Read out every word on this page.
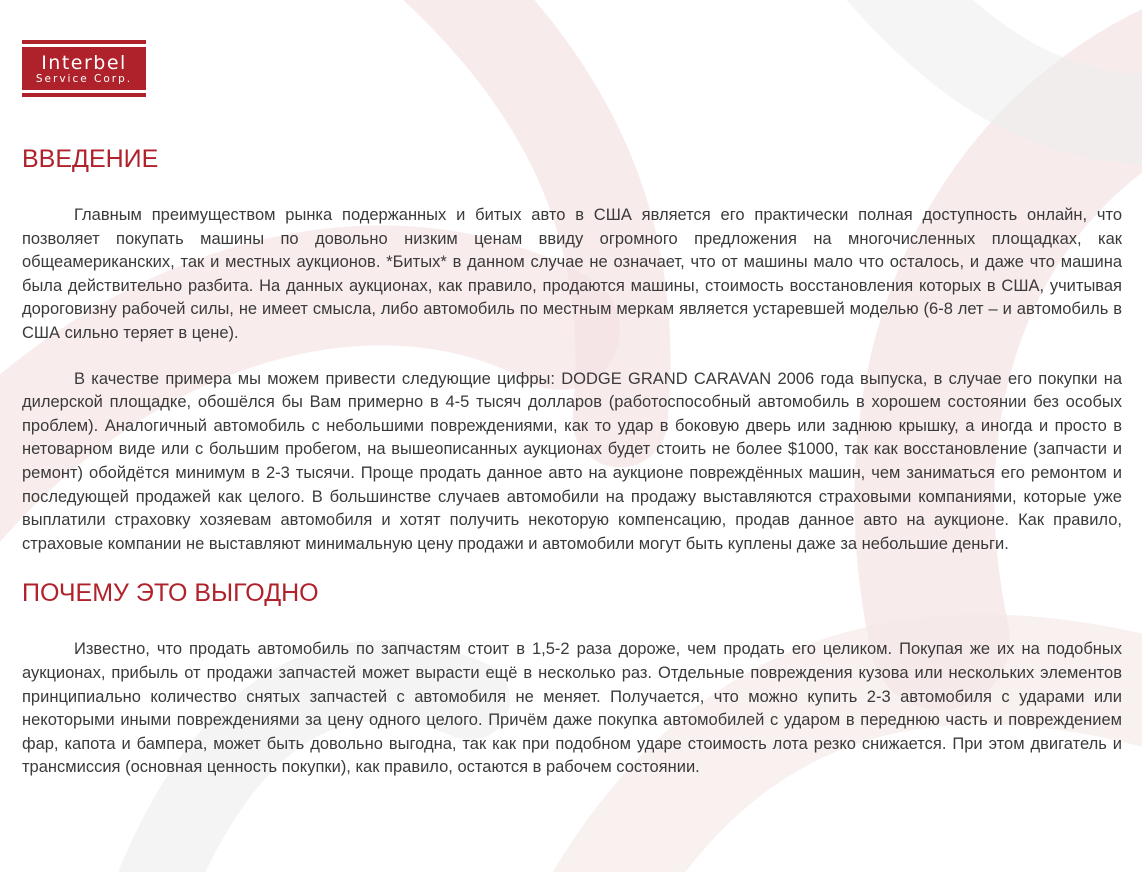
Interbel
Service Corp.
ВВЕДЕНИЕ

Главным преимуществом рынка подержанных и битых авто в США является его практически полная доступность онлайн, что позволяет покупать машины по довольно низким ценам ввиду огромного предложения на многочисленных площадках, как общеамериканских, так и местных аукционов. *Битых* в данном случае не означает, что от машины мало что осталось, и даже что машина была действительно разбита. На данных аукционах, как правило, продаются машины, стоимость восстановления которых в США, учитывая дороговизну рабочей силы, не имеет смысла, либо автомобиль по местным меркам является устаревшей моделью (6-8 лет – и автомобиль в США сильно теряет в цене).

В качестве примера мы можем привести следующие цифры: DODGE GRAND CARAVAN 2006 года выпуска, в случае его покупки на дилерской площадке, обошёлся бы Вам примерно в 4-5 тысяч долларов (работоспособный автомобиль в хорошем состоянии без особых проблем). Аналогичный автомобиль с небольшими повреждениями, как то удар в боковую дверь или заднюю крышку, а иногда и просто в нетоварном виде или с большим пробегом, на вышеописанных аукционах будет стоить не более $1000, так как восстановление (запчасти и ремонт) обойдётся минимум в 2-3 тысячи. Проще продать данное авто на аукционе повреждённых машин, чем заниматься его ремонтом и последующей продажей как целого. В большинстве случаев автомобили на продажу выставляются страховыми компаниями, которые уже выплатили страховку хозяевам автомобиля и хотят получить некоторую компенсацию, продав данное авто на аукционе. Как правило, страховые компании не выставляют минимальную цену продажи и автомобили могут быть куплены даже за небольшие деньги.

ПОЧЕМУ ЭТО ВЫГОДНО

Известно, что продать автомобиль по запчастям стоит в 1,5-2 раза дороже, чем продать его целиком. Покупая же их на подобных аукционах, прибыль от продажи запчастей может вырасти ещё в несколько раз. Отдельные повреждения кузова или нескольких элементов принципиально количество снятых запчастей с автомобиля не меняет. Получается, что можно купить 2-3 автомобиля с ударами или некоторыми иными повреждениями за цену одного целого. Причём даже покупка автомобилей с ударом в переднюю часть и повреждением фар, капота и бампера, может быть довольно выгодна, так как при подобном ударе стоимость лота резко снижается. При этом двигатель и трансмиссия (основная ценность покупки), как правило, остаются в рабочем состоянии.
